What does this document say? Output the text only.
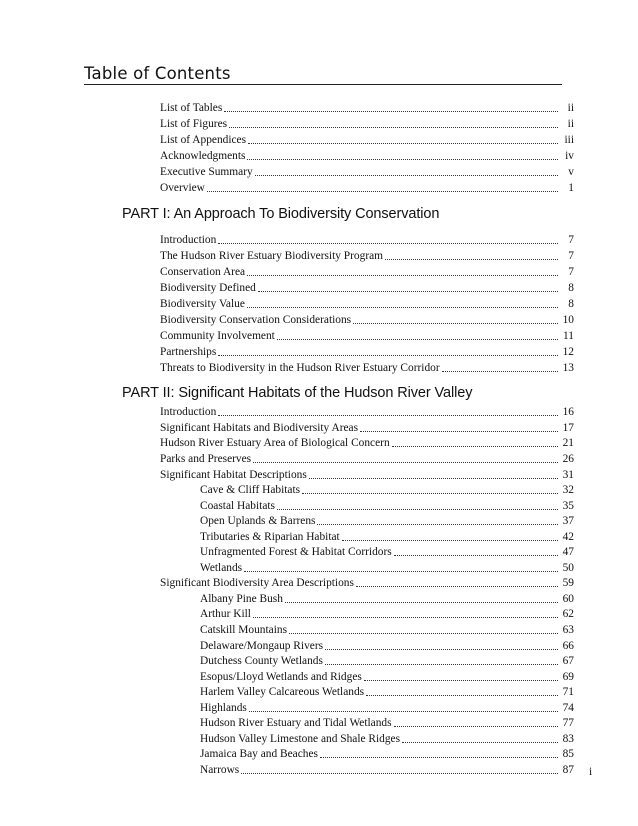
Table of Contents
List of Tables	ii
List of Figures	ii
List of Appendices	iii
Acknowledgments	iv
Executive Summary	v
Overview	1
PART I: An Approach To Biodiversity Conservation
Introduction	7
The Hudson River Estuary Biodiversity Program	7
Conservation Area	7
Biodiversity Defined	8
Biodiversity Value	8
Biodiversity Conservation Considerations	10
Community Involvement	11
Partnerships	12
Threats to Biodiversity in the Hudson River Estuary Corridor	13
PART II: Significant Habitats of the Hudson River Valley
Introduction	16
Significant Habitats and Biodiversity Areas	17
Hudson River Estuary Area of Biological Concern	21
Parks and Preserves	26
Significant Habitat Descriptions	31
Cave & Cliff Habitats	32
Coastal Habitats	35
Open Uplands & Barrens	37
Tributaries & Riparian Habitat	42
Unfragmented Forest & Habitat Corridors	47
Wetlands	50
Significant Biodiversity Area Descriptions	59
Albany Pine Bush	60
Arthur Kill	62
Catskill Mountains	63
Delaware/Mongaup Rivers	66
Dutchess County Wetlands	67
Esopus/Lloyd Wetlands and Ridges	69
Harlem Valley Calcareous Wetlands	71
Highlands	74
Hudson River Estuary and Tidal Wetlands	77
Hudson Valley Limestone and Shale Ridges	83
Jamaica Bay and Beaches	85
Narrows	87 i
